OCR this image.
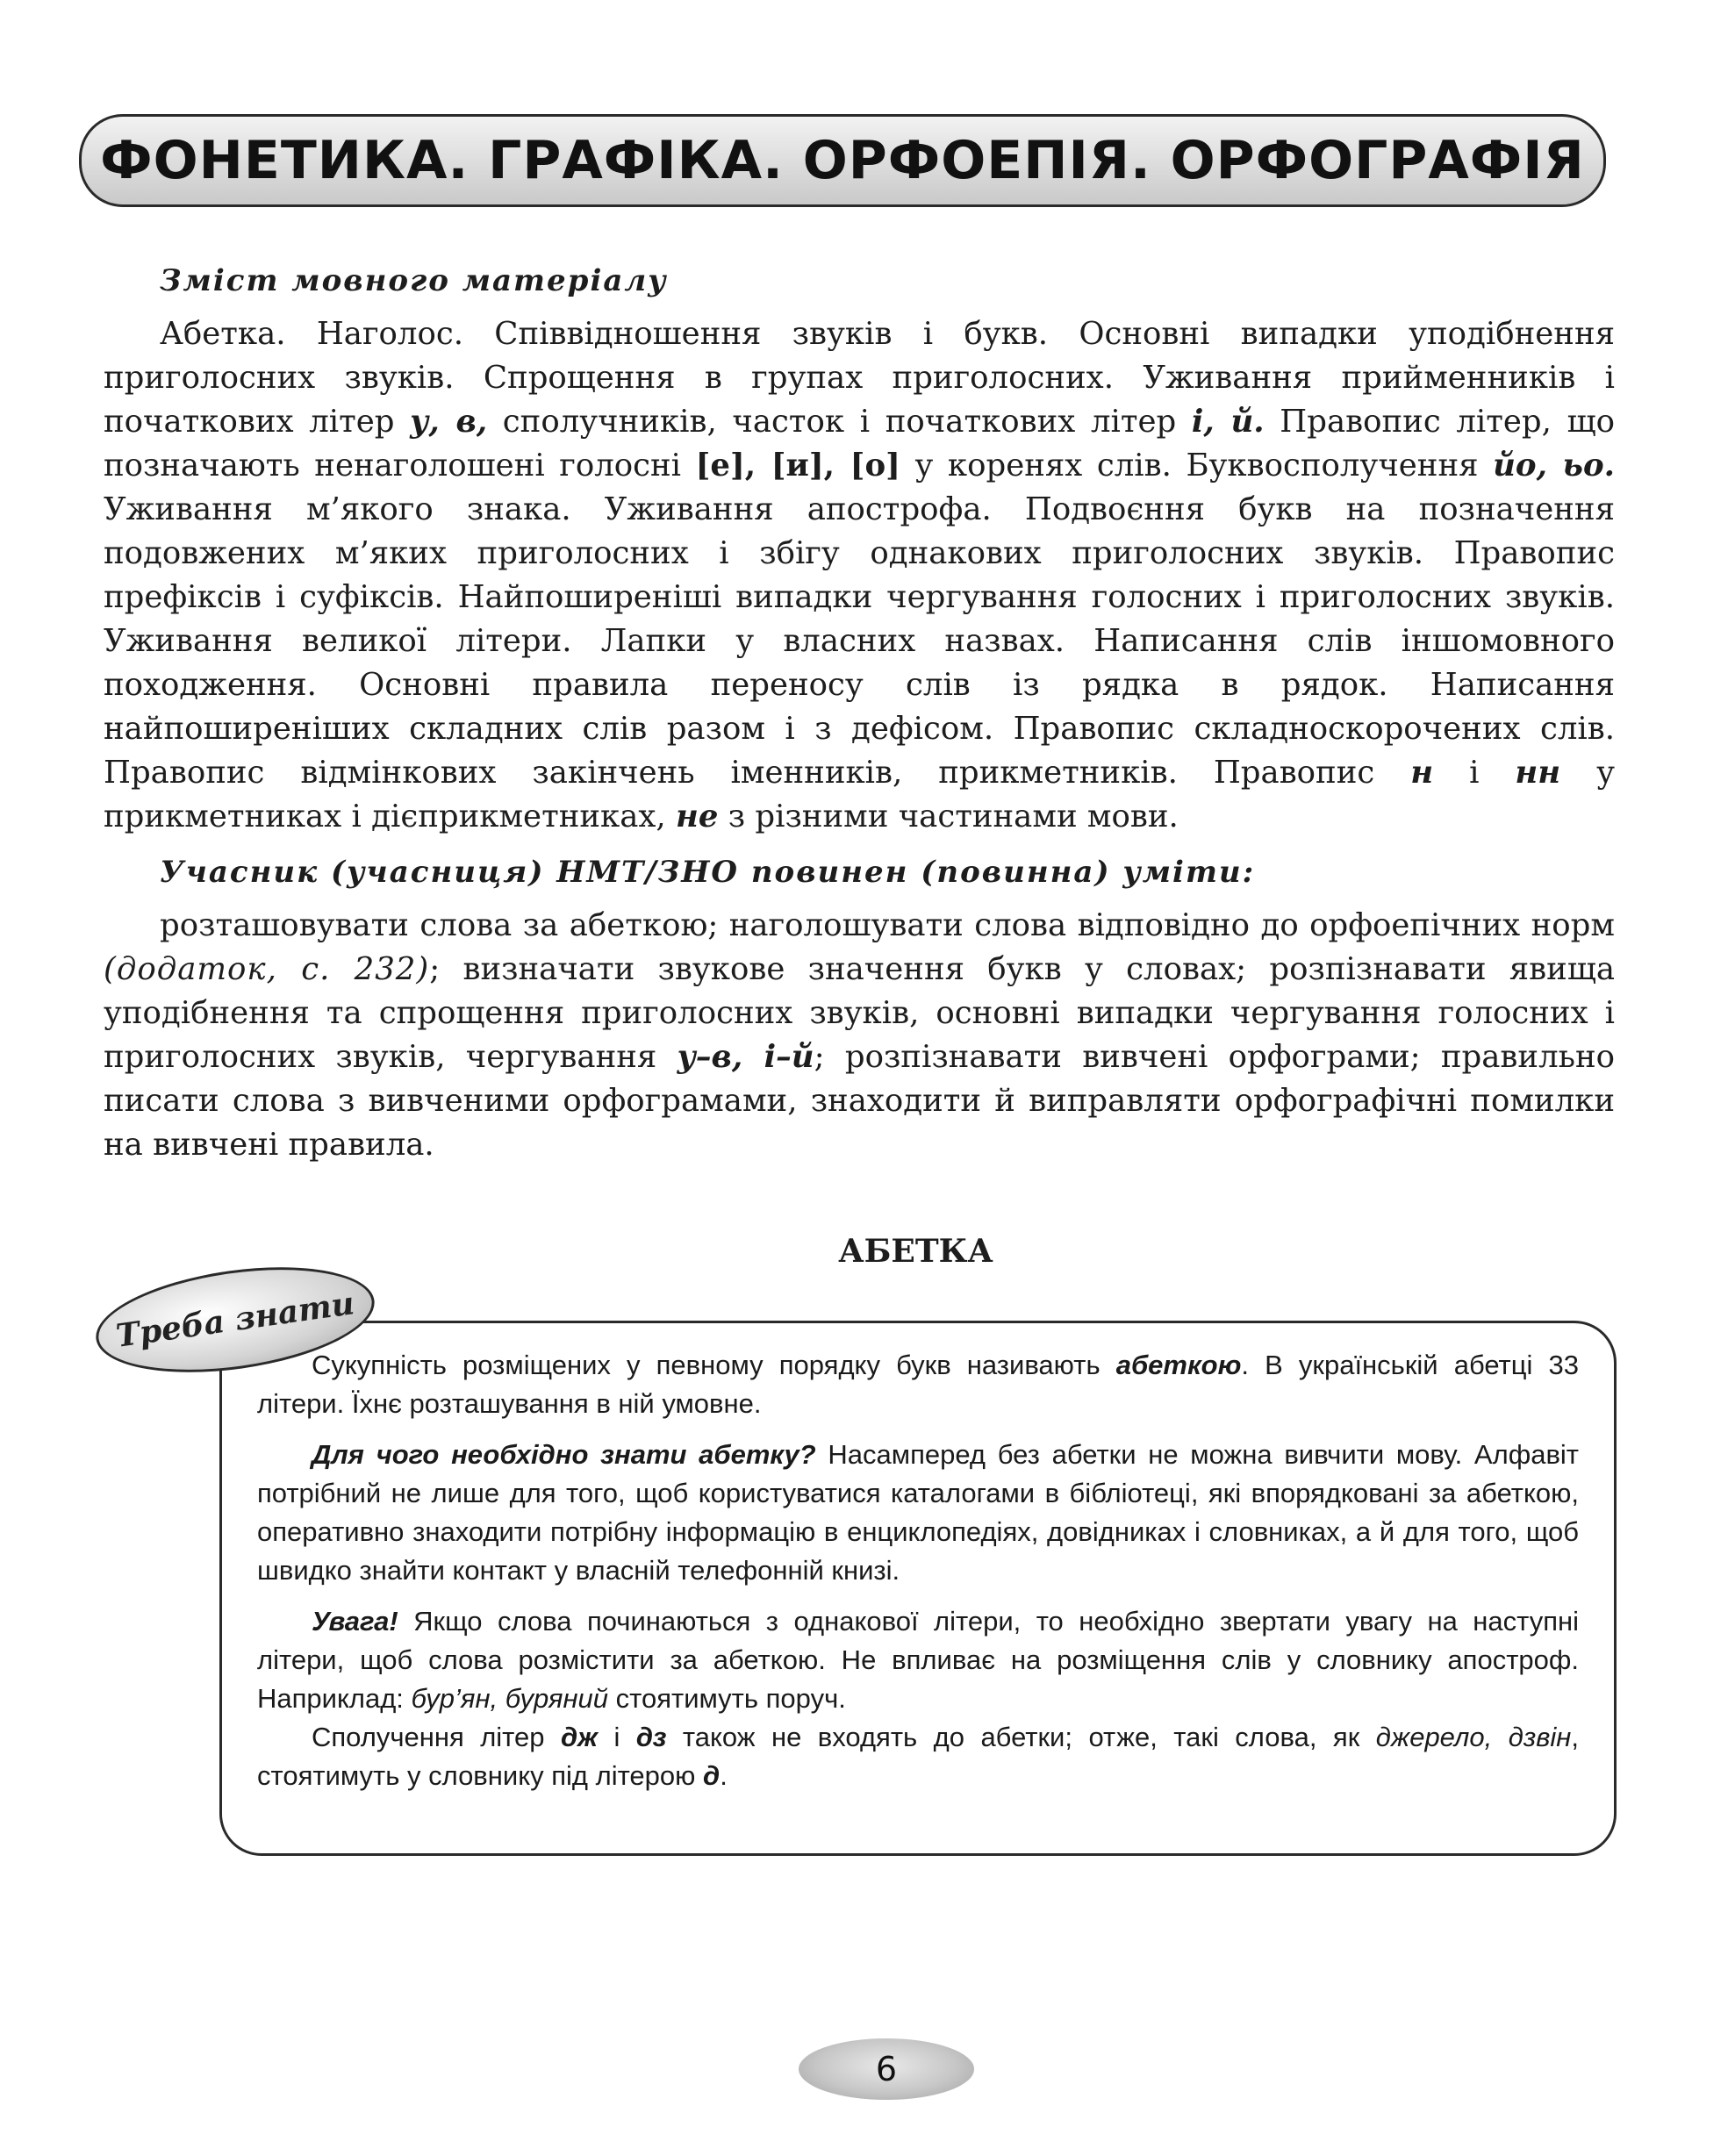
ФОНЕТИКА. ГРАФІКА. ОРФОЕПІЯ. ОРФОГРАФІЯ
Зміст мовного матеріалу

Абетка. Наголос. Співвідношення звуків і букв. Основні випадки уподібнення приголосних звуків. Спрощення в групах приголосних. Уживання прийменників і початкових літер у, в, сполучників, часток і початкових літер і, й. Правопис літер, що позначають ненаголошені голосні [е], [и], [о] у коренях слів. Буквосполучення йо, ьо. Уживання м’якого знака. Уживання апострофа. Подвоєння букв на позначення подовжених м’яких приголосних і збігу однакових приголосних звуків. Правопис префіксів і суфіксів. Найпоширеніші випадки чергування голосних і приголосних звуків. Уживання великої літери. Лапки у власних назвах. Написання слів іншомовного походження. Основні правила переносу слів із рядка в рядок. Написання найпоширеніших складних слів разом і з дефісом. Правопис складноскорочених слів. Правопис відмінкових закінчень іменників, прикметників. Правопис н і нн у прикметниках і дієприкметниках, не з різними частинами мови.

Учасник (учасниця) НМТ/ЗНО повинен (повинна) уміти:

розташовувати слова за абеткою; наголошувати слова відповідно до орфоепічних норм (додаток, с. 232); визначати звукове значення букв у словах; розпізнавати явища уподібнення та спрощення приголосних звуків, основні випадки чергування голосних і приголосних звуків, чергування у–в, і–й; розпізнавати вивчені орфограми; правильно писати слова з вивченими орфограмами, знаходити й виправляти орфографічні помилки на вивчені правила.

АБЕТКА
Треба знати

Сукупність розміщених у певному порядку букв називають абеткою. В українській абетці 33 літери. Їхнє розташування в ній умовне.

Для чого необхідно знати абетку? Насамперед без абетки не можна вивчити мову. Алфавіт потрібний не лише для того, щоб користуватися каталогами в бібліотеці, які впорядковані за абеткою, оперативно знаходити потрібну інформацію в енциклопедіях, довідниках і словниках, а й для того, щоб швидко знайти контакт у власній телефонній книзі.

Увага! Якщо слова починаються з однакової літери, то необхідно звертати увагу на наступні літери, щоб слова розмістити за абеткою. Не впливає на розміщення слів у словнику апостроф. Наприклад: бур’ян, буряний стоятимуть поруч.

Сполучення літер дж і дз також не входять до абетки; отже, такі слова, як джерело, дзвін, стоятимуть у словнику під літерою д.

6
